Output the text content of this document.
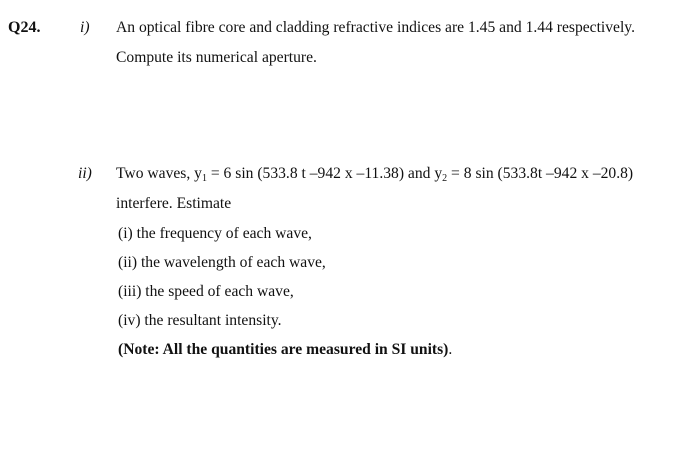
Q24.	i) An optical fibre core and cladding refractive indices are 1.45 and 1.44 respectively.
Compute its numerical aperture.
ii) Two waves, $y_1 = 6$ sin (533.8 t –942 x –11.38) and $y_2 = 8$ sin (533.8t –942 x –20.8)
interfere. Estimate
(i) the frequency of each wave,
(ii) the wavelength of each wave,
(iii) the speed of each wave,
(iv) the resultant intensity.
(Note: All the quantities are measured in SI units).
